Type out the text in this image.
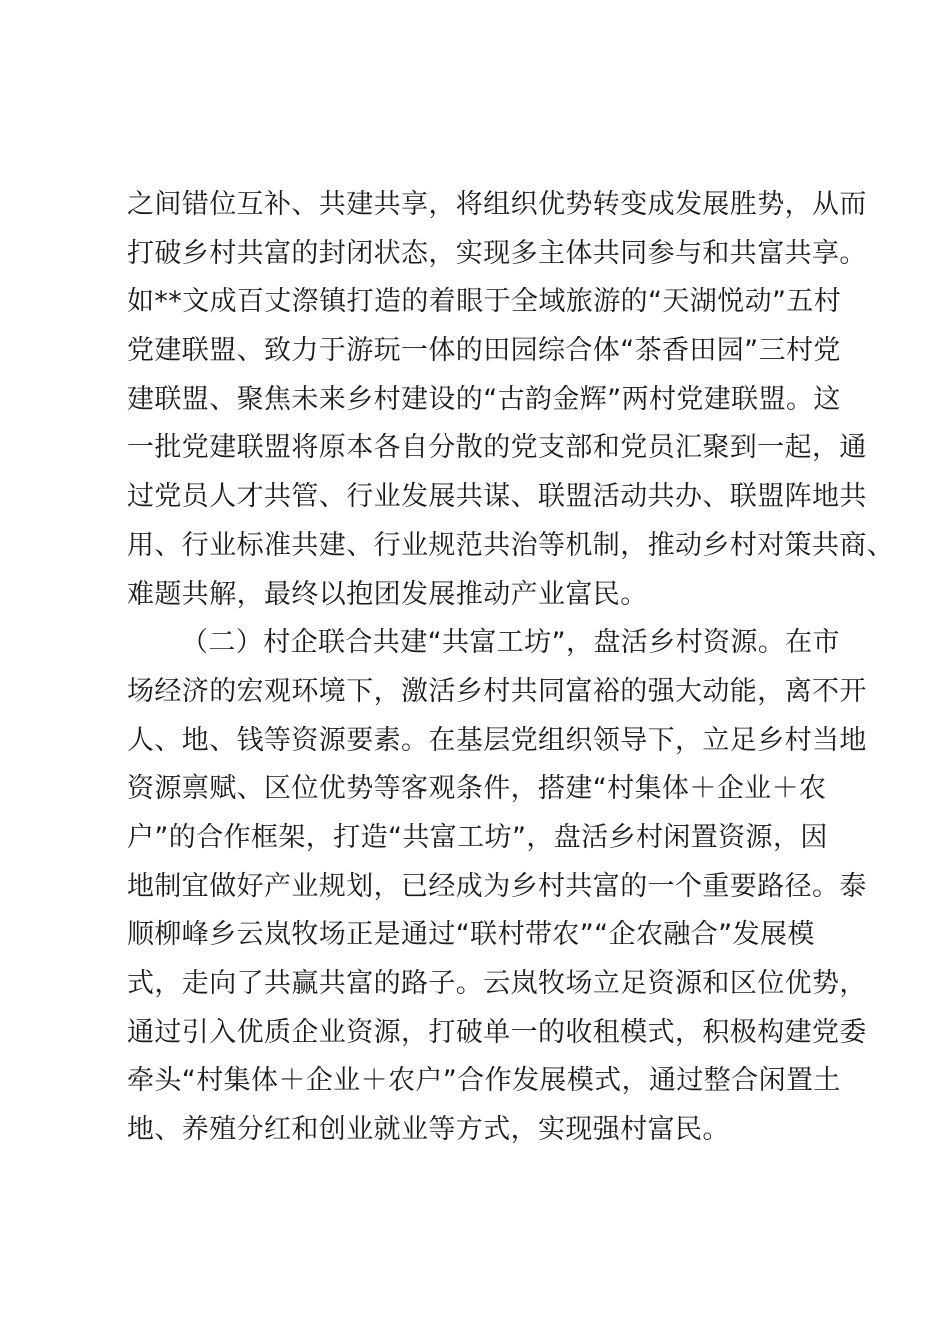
之间错位互补、共建共享，将组织优势转变成发展胜势，从而
打破乡村共富的封闭状态，实现多主体共同参与和共富共享。
如**文成百丈漈镇打造的着眼于全域旅游的“天湖悦动”五村
党建联盟、致力于游玩一体的田园综合体“茶香田园”三村党
建联盟、聚焦未来乡村建设的“古韵金辉”两村党建联盟。这
一批党建联盟将原本各自分散的党支部和党员汇聚到一起，通
过党员人才共管、行业发展共谋、联盟活动共办、联盟阵地共
用、行业标准共建、行业规范共治等机制，推动乡村对策共商、
难题共解，最终以抱团发展推动产业富民。
（二）村企联合共建“共富工坊”，盘活乡村资源。在市
场经济的宏观环境下，激活乡村共同富裕的强大动能，离不开
人、地、钱等资源要素。在基层党组织领导下，立足乡村当地
资源禀赋、区位优势等客观条件，搭建“村集体＋企业＋农
户”的合作框架，打造“共富工坊”，盘活乡村闲置资源，因
地制宜做好产业规划，已经成为乡村共富的一个重要路径。泰
顺柳峰乡云岚牧场正是通过“联村带农”“企农融合”发展模
式，走向了共赢共富的路子。云岚牧场立足资源和区位优势，
通过引入优质企业资源，打破单一的收租模式，积极构建党委
牵头“村集体＋企业＋农户”合作发展模式，通过整合闲置土
地、养殖分红和创业就业等方式，实现强村富民。
